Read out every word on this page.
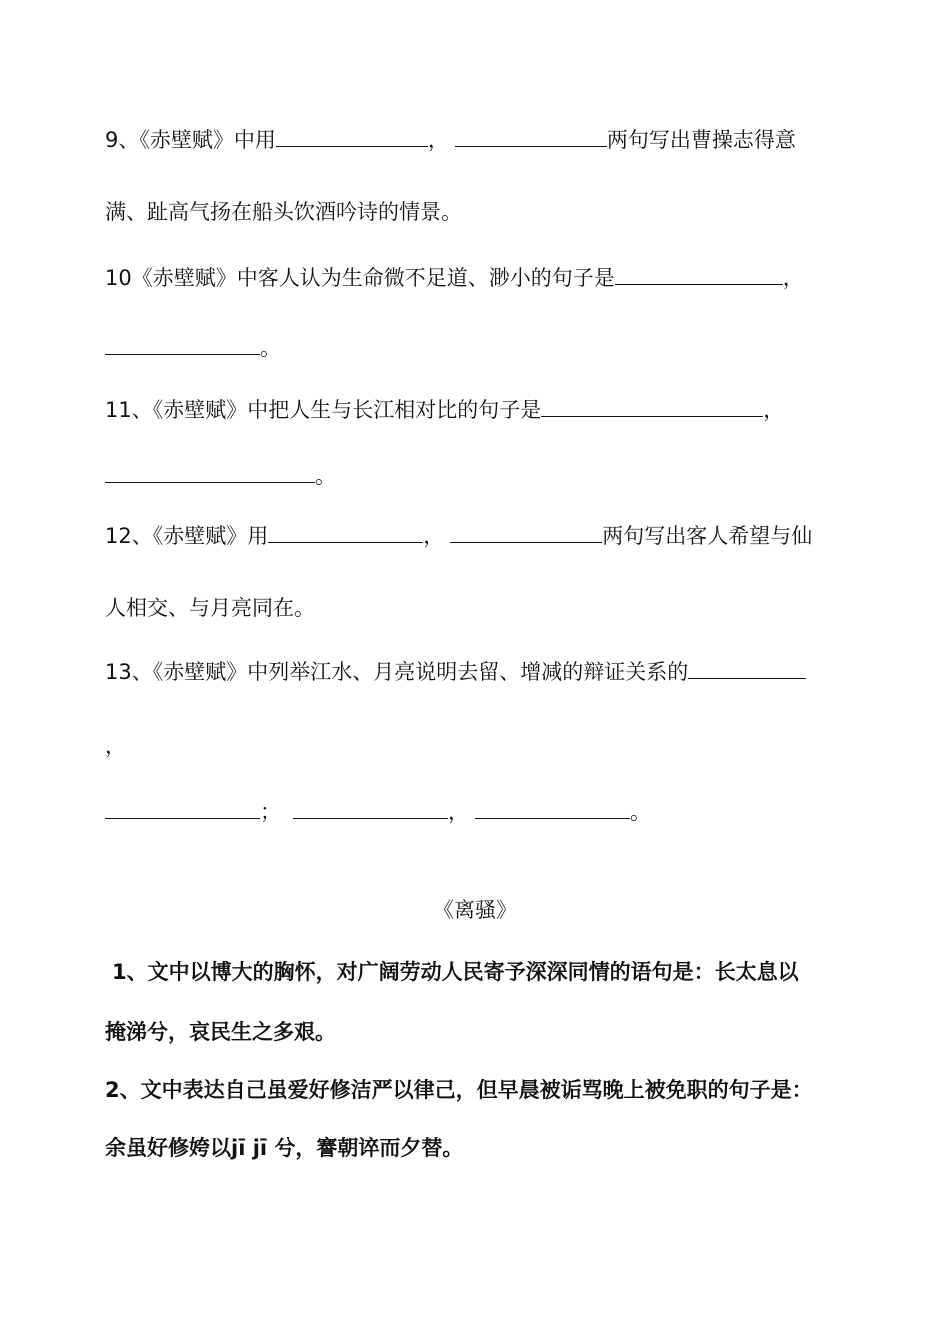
9、《赤壁赋》中用	，	两句写出曹操志得意
满、趾高气扬在船头饮酒吟诗的情景。
10《赤壁赋》中客人认为生命微不足道、渺小的句子是	，
。
11、《赤壁赋》中把人生与长江相对比的句子是	，
。
12、《赤壁赋》用	，	两句写出客人希望与仙
人相交、与月亮同在。
13、《赤壁赋》中列举江水、月亮说明去留、增减的辩证关系的
，
；	，	。
《离骚》
1、文中以博大的胸怀，对广阔劳动人民寄予深深同情的语句是：长太息以
掩涕兮，哀民生之多艰。
2、文中表达自己虽爱好修洁严以律己，但早晨被诟骂晚上被免职的句子是：
余虽好修姱以jī jī 兮，謇朝谇而夕替。
